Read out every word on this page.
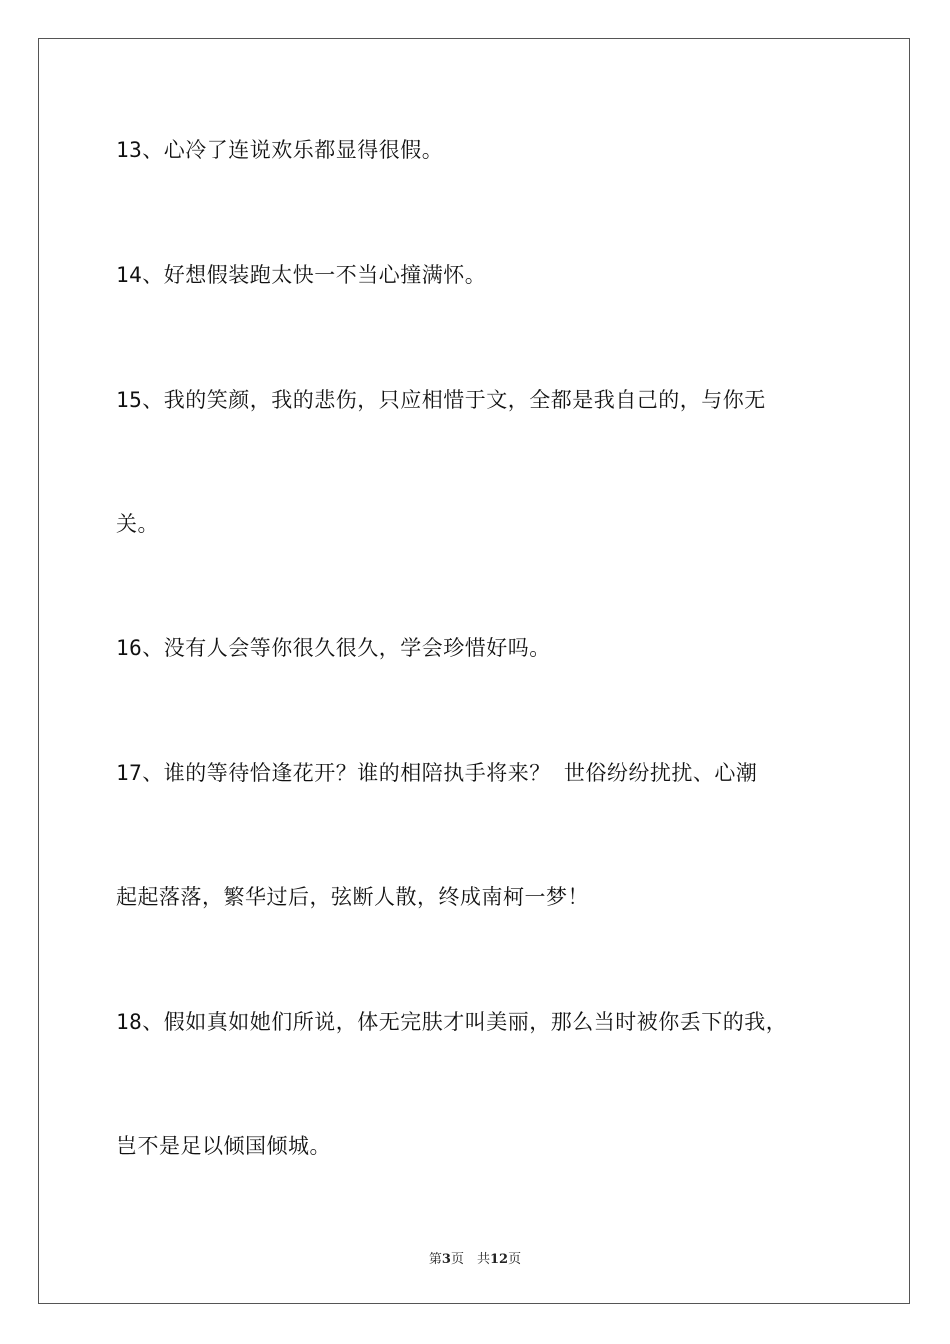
13、心冷了连说欢乐都显得很假。

14、好想假装跑太快一不当心撞满怀。

15、我的笑颜，我的悲伤，只应相惜于文，全都是我自己的，与你无

关。

16、没有人会等你很久很久，学会珍惜好吗。

17、谁的等待恰逢花开？谁的相陪执手将来？ 世俗纷纷扰扰、心潮

起起落落，繁华过后，弦断人散，终成南柯一梦！

18、假如真如她们所说，体无完肤才叫美丽，那么当时被你丢下的我，

岂不是足以倾国倾城。

第3页　共12页
